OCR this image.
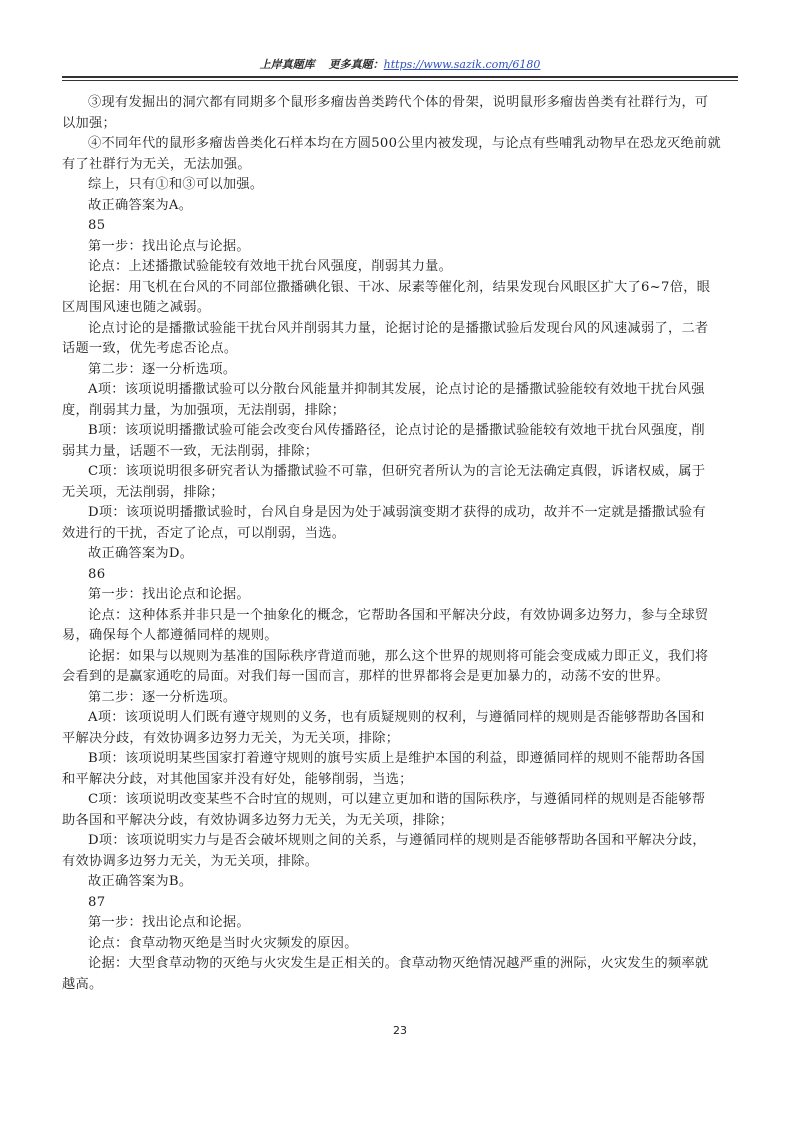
上岸真题库 更多真题：https://www.sazik.com/6180

③现有发掘出的洞穴都有同期多个鼠形多瘤齿兽类跨代个体的骨架，说明鼠形多瘤齿兽类有社群行为，可

以加强；

④不同年代的鼠形多瘤齿兽类化石样本均在方圆500公里内被发现，与论点有些哺乳动物早在恐龙灭绝前就

有了社群行为无关，无法加强。

综上，只有①和③可以加强。

故正确答案为A。

85

第一步：找出论点与论据。

论点：上述播撒试验能较有效地干扰台风强度，削弱其力量。

论据：用飞机在台风的不同部位撒播碘化银、干冰、尿素等催化剂，结果发现台风眼区扩大了6~7倍，眼

区周围风速也随之减弱。

论点讨论的是播撒试验能干扰台风并削弱其力量，论据讨论的是播撒试验后发现台风的风速减弱了，二者

话题一致，优先考虑否论点。

第二步：逐一分析选项。

A项：该项说明播撒试验可以分散台风能量并抑制其发展，论点讨论的是播撒试验能较有效地干扰台风强

度，削弱其力量，为加强项，无法削弱，排除；

B项：该项说明播撒试验可能会改变台风传播路径，论点讨论的是播撒试验能较有效地干扰台风强度，削

弱其力量，话题不一致，无法削弱，排除；

C项：该项说明很多研究者认为播撒试验不可靠，但研究者所认为的言论无法确定真假，诉诸权威，属于

无关项，无法削弱，排除；

D项：该项说明播撒试验时，台风自身是因为处于减弱演变期才获得的成功，故并不一定就是播撒试验有

效进行的干扰，否定了论点，可以削弱，当选。

故正确答案为D。

86

第一步：找出论点和论据。

论点：这种体系并非只是一个抽象化的概念，它帮助各国和平解决分歧，有效协调多边努力，参与全球贸

易，确保每个人都遵循同样的规则。

论据：如果与以规则为基准的国际秩序背道而驰，那么这个世界的规则将可能会变成威力即正义，我们将

会看到的是赢家通吃的局面。对我们每一国而言，那样的世界都将会是更加暴力的，动荡不安的世界。

第二步：逐一分析选项。

A项：该项说明人们既有遵守规则的义务，也有质疑规则的权利，与遵循同样的规则是否能够帮助各国和

平解决分歧，有效协调多边努力无关，为无关项，排除；

B项：该项说明某些国家打着遵守规则的旗号实质上是维护本国的利益，即遵循同样的规则不能帮助各国

和平解决分歧，对其他国家并没有好处，能够削弱，当选；

C项：该项说明改变某些不合时宜的规则，可以建立更加和谐的国际秩序，与遵循同样的规则是否能够帮

助各国和平解决分歧，有效协调多边努力无关，为无关项，排除；

D项：该项说明实力与是否会破坏规则之间的关系，与遵循同样的规则是否能够帮助各国和平解决分歧，

有效协调多边努力无关，为无关项，排除。

故正确答案为B。

87

第一步：找出论点和论据。

论点：食草动物灭绝是当时火灾频发的原因。

论据：大型食草动物的灭绝与火灾发生是正相关的。食草动物灭绝情况越严重的洲际，火灾发生的频率就

越高。

23
